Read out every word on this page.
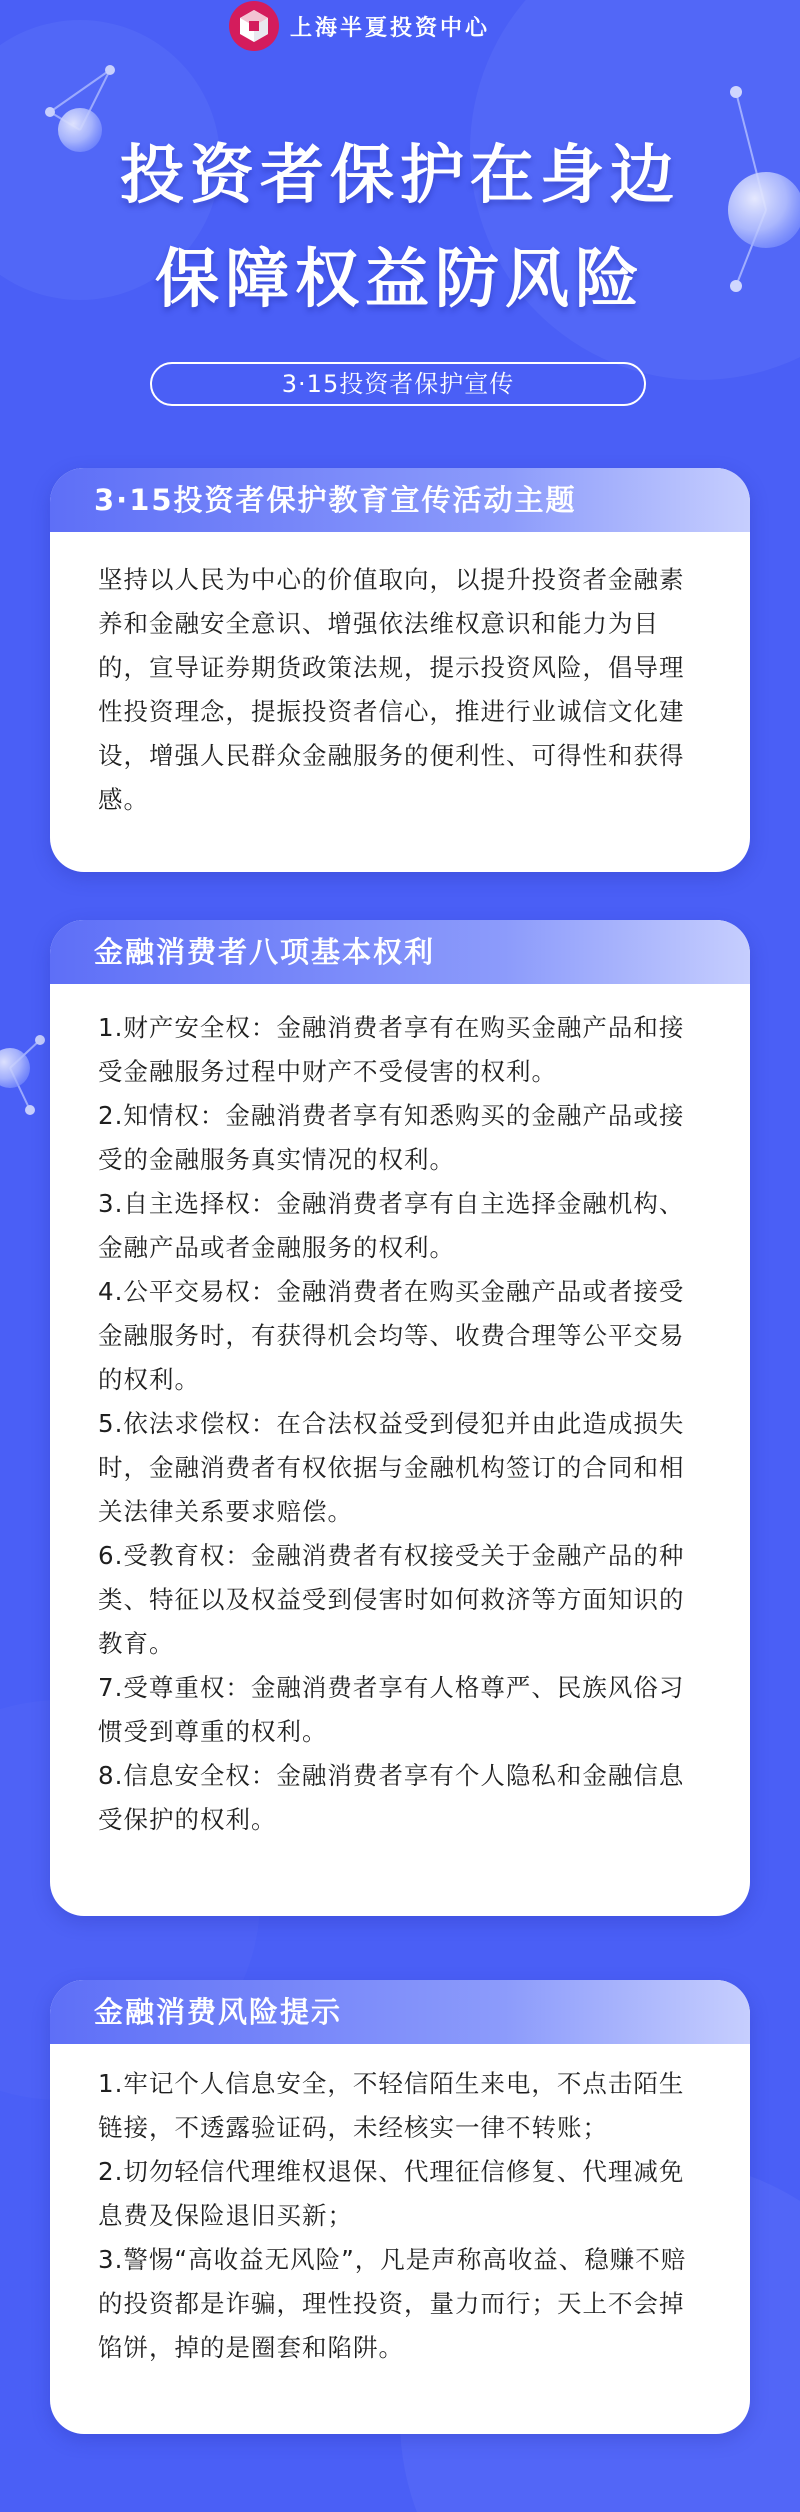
上海半夏投资中心
投资者保护在身边
保障权益防风险
3·15投资者保护宣传
3·15投资者保护教育宣传活动主题

坚持以人民为中心的价值取向，以提升投资者金融素养和金融安全意识、增强依法维权意识和能力为目的，宣导证券期货政策法规，提示投资风险，倡导理性投资理念，提振投资者信心，推进行业诚信文化建设，增强人民群众金融服务的便利性、可得性和获得感。

金融消费者八项基本权利

1.财产安全权：金融消费者享有在购买金融产品和接受金融服务过程中财产不受侵害的权利。

2.知情权：金融消费者享有知悉购买的金融产品或接受的金融服务真实情况的权利。

3.自主选择权：金融消费者享有自主选择金融机构、金融产品或者金融服务的权利。

4.公平交易权：金融消费者在购买金融产品或者接受金融服务时，有获得机会均等、收费合理等公平交易的权利。

5.依法求偿权：在合法权益受到侵犯并由此造成损失时，金融消费者有权依据与金融机构签订的合同和相关法律关系要求赔偿。

6.受教育权：金融消费者有权接受关于金融产品的种类、特征以及权益受到侵害时如何救济等方面知识的教育。

7.受尊重权：金融消费者享有人格尊严、民族风俗习惯受到尊重的权利。

8.信息安全权：金融消费者享有个人隐私和金融信息受保护的权利。

金融消费风险提示

1.牢记个人信息安全，不轻信陌生来电，不点击陌生链接，不透露验证码，未经核实一律不转账；

2.切勿轻信代理维权退保、代理征信修复、代理减免息费及保险退旧买新；

3.警惕“高收益无风险”，凡是声称高收益、稳赚不赔的投资都是诈骗，理性投资，量力而行；天上不会掉馅饼，掉的是圈套和陷阱。
